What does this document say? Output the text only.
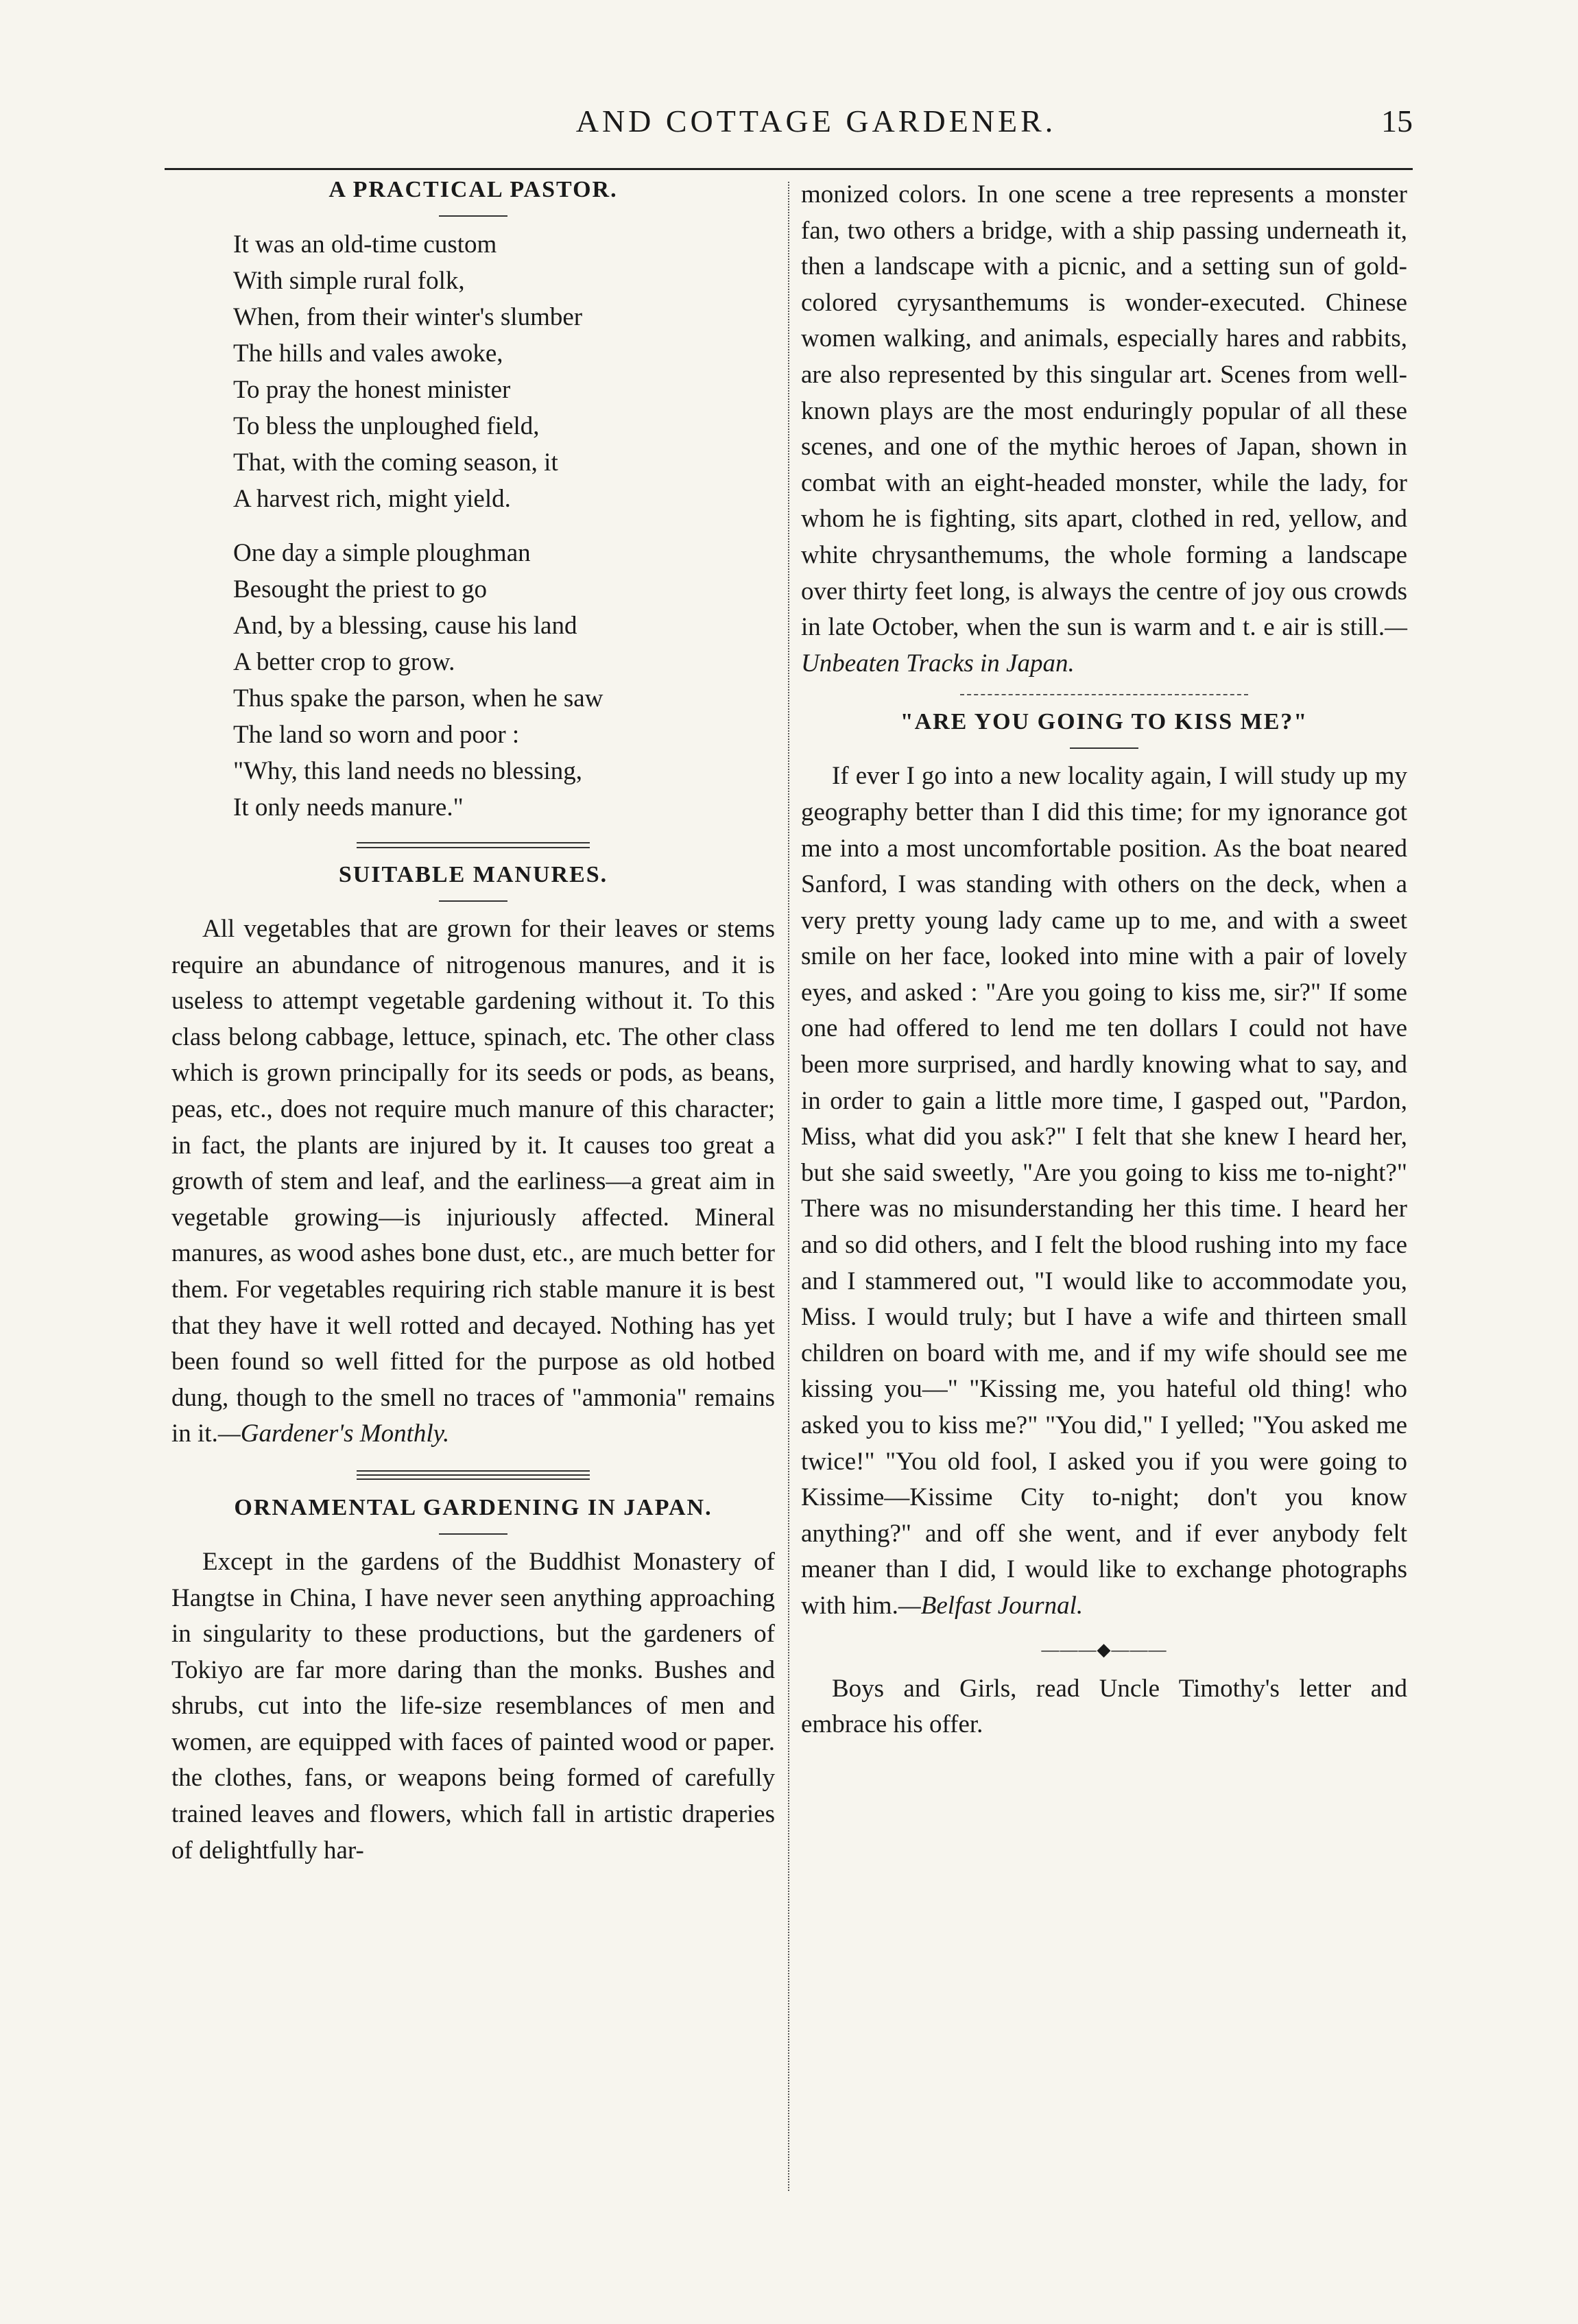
AND COTTAGE GARDENER.	15
A PRACTICAL PASTOR.
It was an old-time custom
With simple rural folk,
When, from their winter's slumber
The hills and vales awoke,
To pray the honest minister
To bless the unploughed field,
That, with the coming season, it
A harvest rich, might yield.
One day a simple ploughman
Besought the priest to go
And, by a blessing, cause his land
A better crop to grow.
Thus spake the parson, when he saw
The land so worn and poor :
"Why, this land needs no blessing,
It only needs manure."
SUITABLE MANURES.

All vegetables that are grown for their leaves or stems require an abundance of nitrogenous manures, and it is useless to attempt vegetable gardening without it. To this class belong cabbage, lettuce, spinach, etc. The other class which is grown principally for its seeds or pods, as beans, peas, etc., does not require much manure of this character; in fact, the plants are injured by it. It causes too great a growth of stem and leaf, and the earliness—a great aim in vegetable growing—is injuriously affected. Mineral manures, as wood ashes bone dust, etc., are much better for them. For vegetables requiring rich stable manure it is best that they have it well rotted and decayed. Nothing has yet been found so well fitted for the purpose as old hotbed dung, though to the smell no traces of "ammonia" remains in it.—Gardener's Monthly.

ORNAMENTAL GARDENING IN JAPAN.

Except in the gardens of the Buddhist Monastery of Hangtse in China, I have never seen anything approaching in singularity to these productions, but the gardeners of Tokiyo are far more daring than the monks. Bushes and shrubs, cut into the life-size resemblances of men and women, are equipped with faces of painted wood or paper. the clothes, fans, or weapons being formed of carefully trained leaves and flowers, which fall in artistic draperies of delightfully har-

monized colors. In one scene a tree represents a monster fan, two others a bridge, with a ship passing underneath it, then a landscape with a picnic, and a setting sun of gold-colored cyrysanthemums is wonder-executed. Chinese women walking, and animals, especially hares and rabbits, are also represented by this singular art. Scenes from well-known plays are the most enduringly popular of all these scenes, and one of the mythic heroes of Japan, shown in combat with an eight-headed monster, while the lady, for whom he is fighting, sits apart, clothed in red, yellow, and white chrysanthemums, the whole forming a landscape over thirty feet long, is always the centre of joy ous crowds in late October, when the sun is warm and t. e air is still.—Unbeaten Tracks in Japan.

"ARE YOU GOING TO KISS ME?"

If ever I go into a new locality again, I will study up my geography better than I did this time; for my ignorance got me into a most uncomfortable position. As the boat neared Sanford, I was standing with others on the deck, when a very pretty young lady came up to me, and with a sweet smile on her face, looked into mine with a pair of lovely eyes, and asked : "Are you going to kiss me, sir?" If some one had offered to lend me ten dollars I could not have been more surprised, and hardly knowing what to say, and in order to gain a little more time, I gasped out, "Pardon, Miss, what did you ask?" I felt that she knew I heard her, but she said sweetly, "Are you going to kiss me to-night?" There was no misunderstanding her this time. I heard her and so did others, and I felt the blood rushing into my face and I stammered out, "I would like to accommodate you, Miss. I would truly; but I have a wife and thirteen small children on board with me, and if my wife should see me kissing you—" "Kissing me, you hateful old thing! who asked you to kiss me?" "You did," I yelled; "You asked me twice!" "You old fool, I asked you if you were going to Kissime—Kissime City to-night; don't you know anything?" and off she went, and if ever anybody felt meaner than I did, I would like to exchange photographs with him.—Belfast Journal.

———◆———

Boys and Girls, read Uncle Timothy's letter and embrace his offer.
